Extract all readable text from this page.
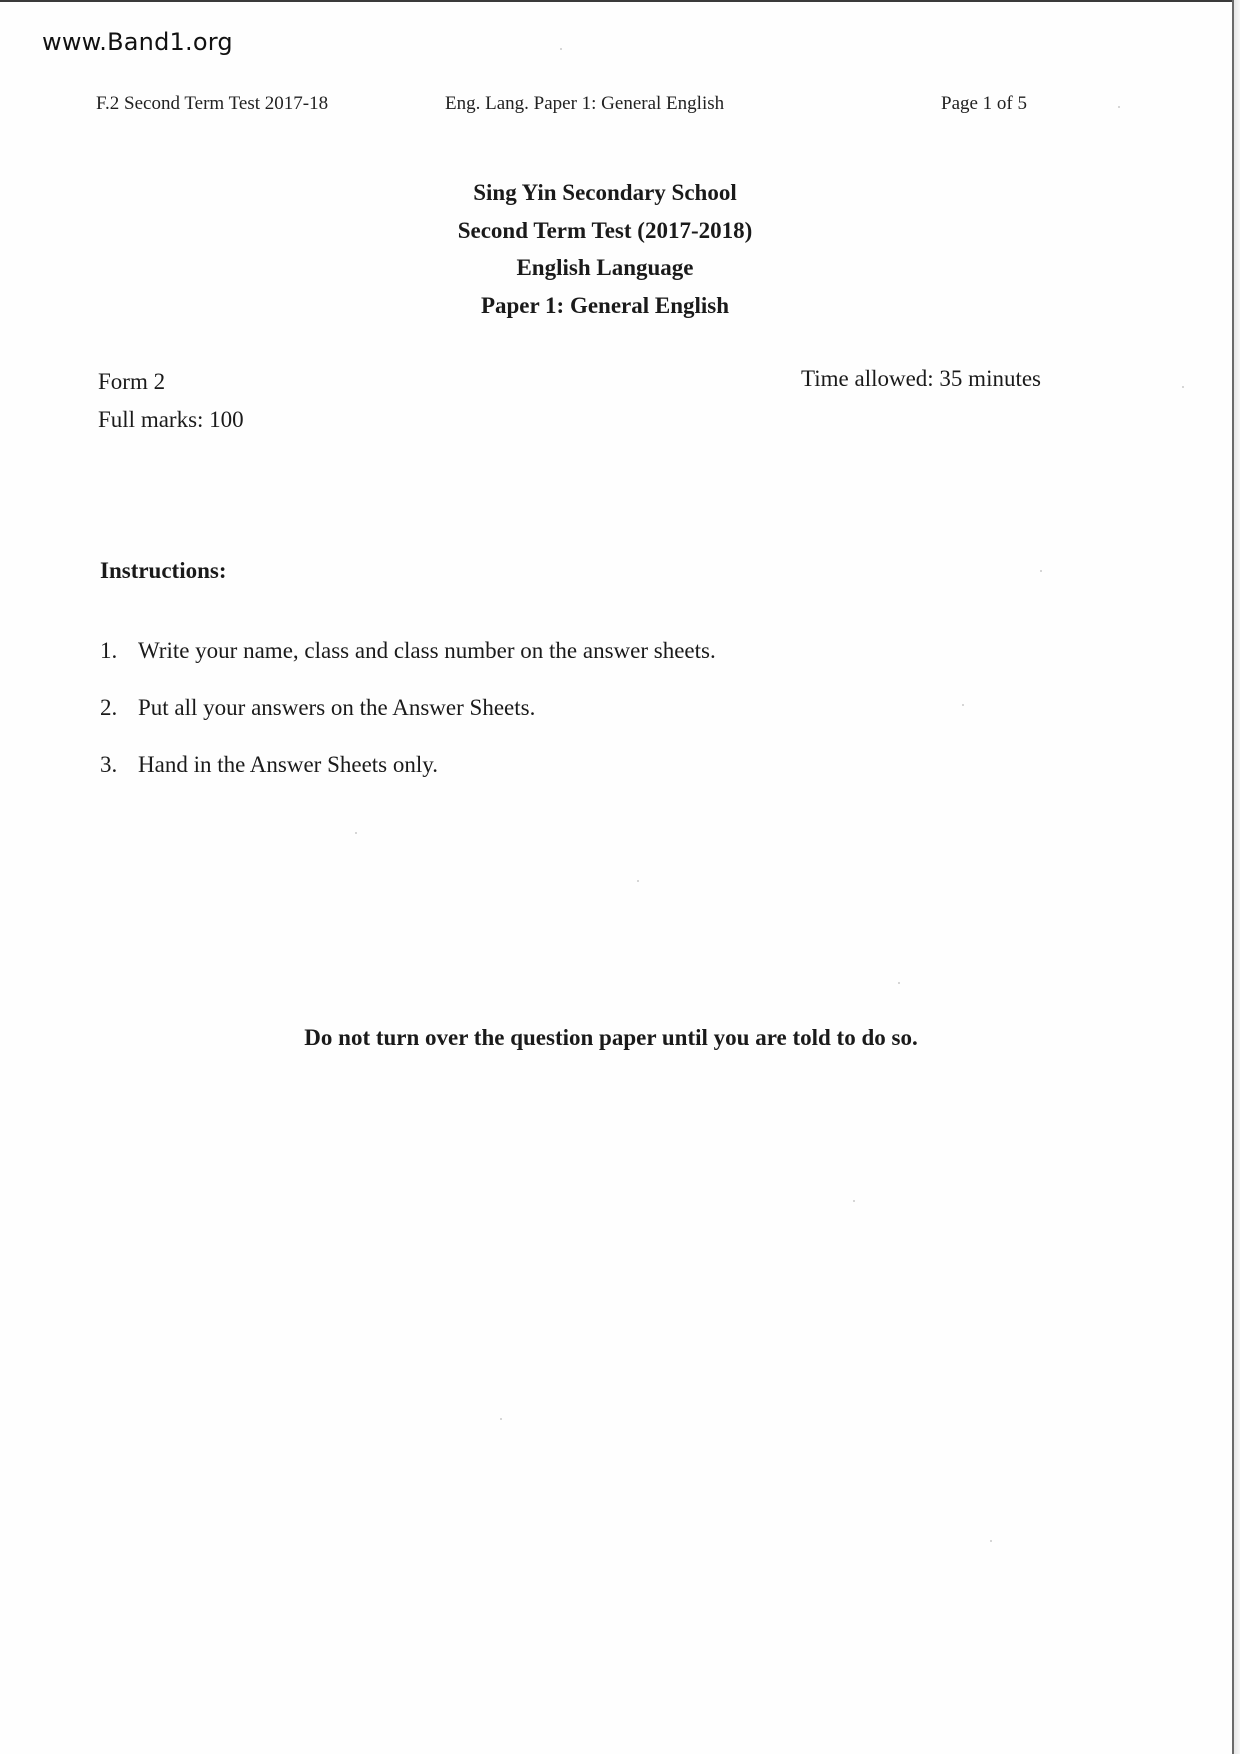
www.Band1.org
F.2 Second Term Test 2017-18	Eng. Lang. Paper 1: General English	Page 1 of 5
Sing Yin Secondary School
Second Term Test (2017-2018)
English Language
Paper 1: General English
Form 2
Full marks: 100
Time allowed: 35 minutes
Instructions:
1. Write your name, class and class number on the answer sheets.
2. Put all your answers on the Answer Sheets.
3. Hand in the Answer Sheets only.
Do not turn over the question paper until you are told to do so.
